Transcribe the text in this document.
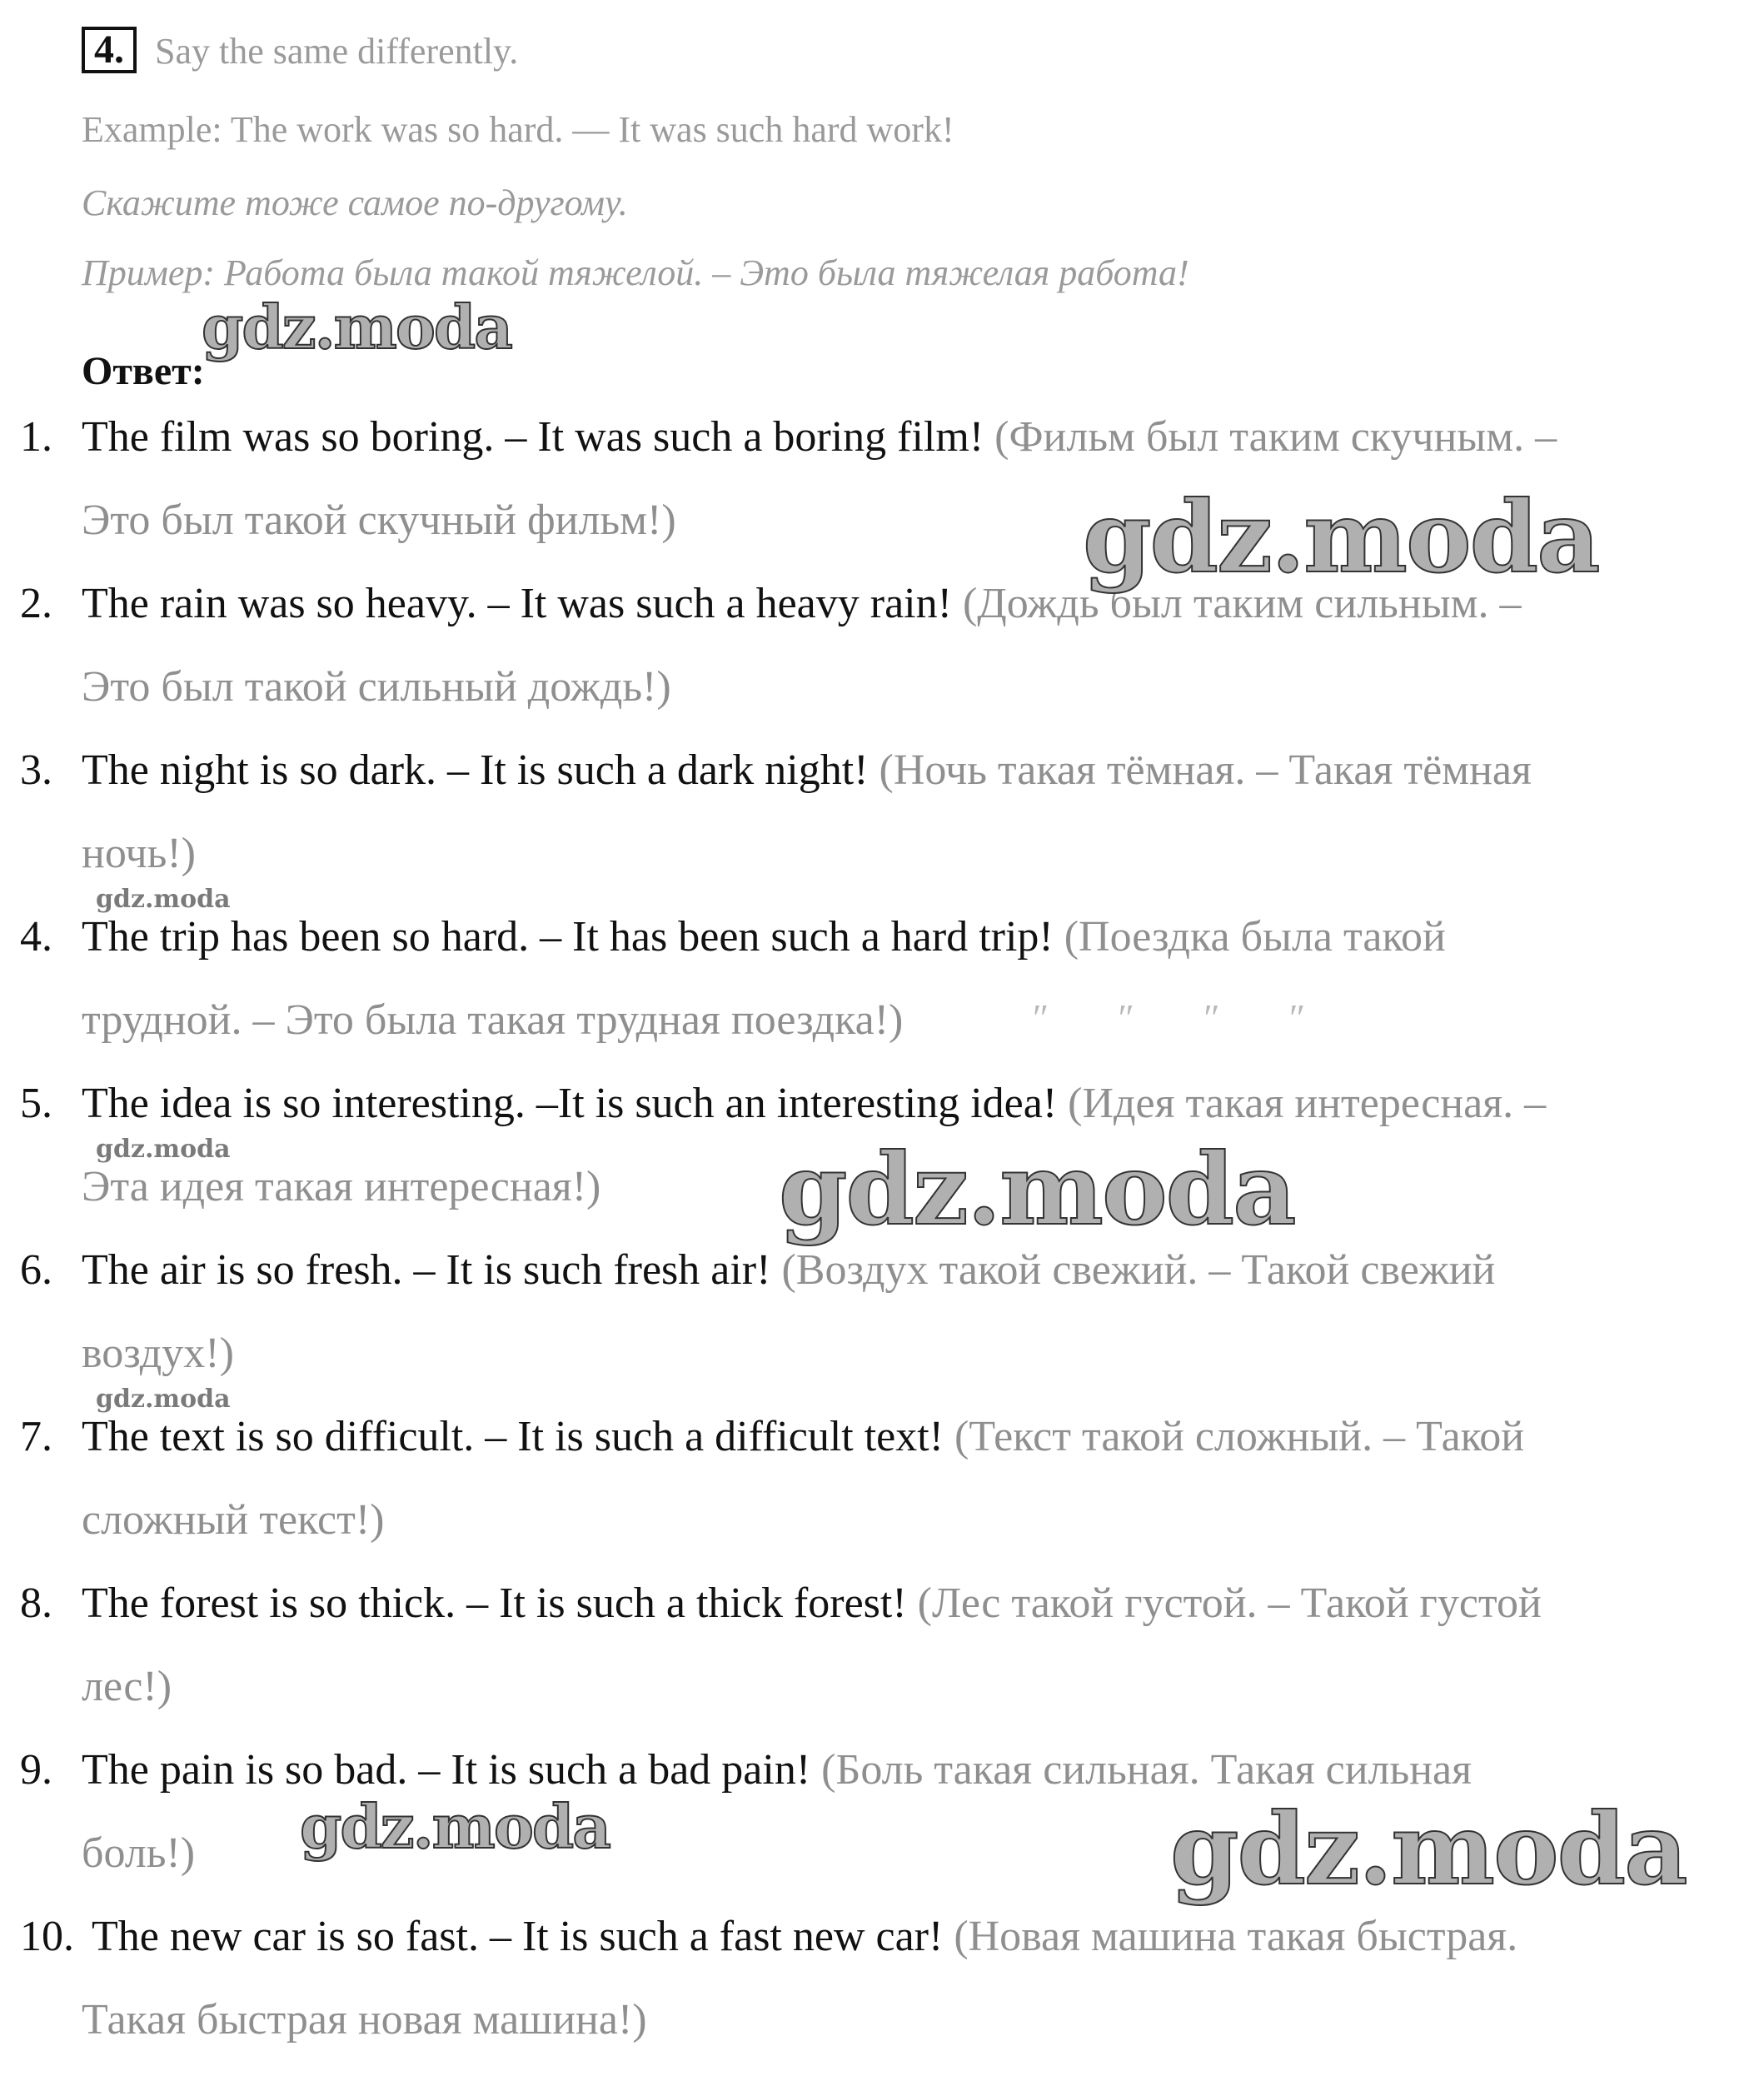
4. Say the same differently.
Example: The work was so hard. — It was such hard work!
Скажите тоже самое по-другому.
Пример: Работа была такой тяжелой. – Это была тяжелая работа!
Ответ:
1. The film was so boring. – It was such a boring film! (Фильм был таким скучным. –
Это был такой скучный фильм!)
2. The rain was so heavy. – It was such a heavy rain! (Дождь был таким сильным. –
Это был такой сильный дождь!)
3. The night is so dark. – It is such a dark night! (Ночь такая тёмная. – Такая тёмная
ночь!)
4. The trip has been so hard. – It has been such a hard trip! (Поездка была такой
трудной. – Это была такая трудная поездка!)
5. The idea is so interesting. –It is such an interesting idea! (Идея такая интересная. –
Эта идея такая интересная!)
6. The air is so fresh. – It is such fresh air! (Воздух такой свежий. – Такой свежий
воздух!)
7. The text is so difficult. – It is such a difficult text! (Текст такой сложный. – Такой
сложный текст!)
8. The forest is so thick. – It is such a thick forest! (Лес такой густой. – Такой густой
лес!)
9. The pain is so bad. – It is such a bad pain! (Боль такая сильная. Такая сильная
боль!)
10. The new car is so fast. – It is such a fast new car! (Новая машина такая быстрая.
Такая быстрая новая машина!)
″ ″ ″ ″
gdz.moda
gdz.moda
gdz.moda
gdz.moda
gdz.moda
gdz.moda
gdz.moda	gdz.moda
